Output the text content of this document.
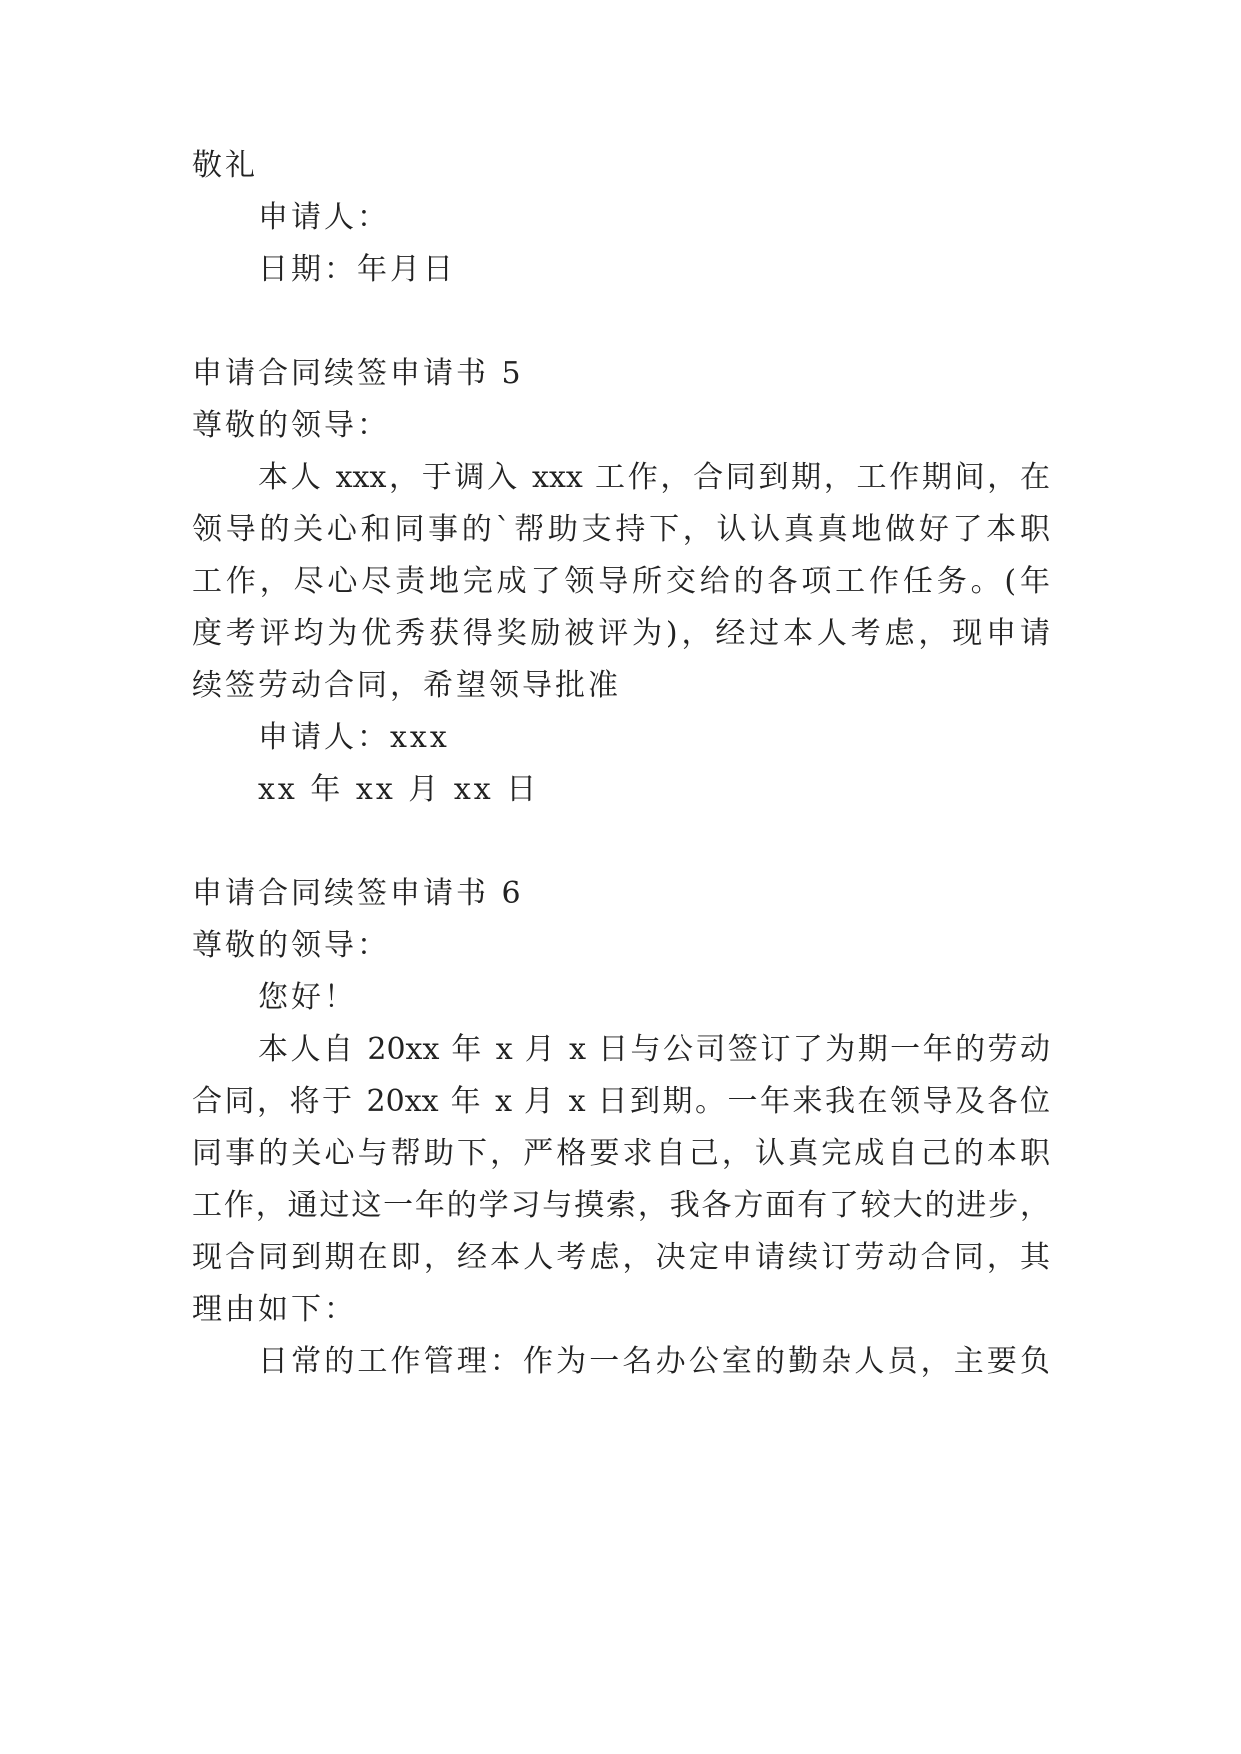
敬礼

申请人：

日期：年月日

申请合同续签申请书 5

尊敬的领导：

本人 xxx，于调入 xxx 工作，合同到期，工作期间，在

领导的关心和同事的`帮助支持下，认认真真地做好了本职

工作，尽心尽责地完成了领导所交给的各项工作任务。(年

度考评均为优秀获得奖励被评为)，经过本人考虑，现申请

续签劳动合同，希望领导批准

申请人：xxx

xx 年 xx 月 xx 日

申请合同续签申请书 6

尊敬的领导：

您好！

本人自 20xx 年 x 月 x 日与公司签订了为期一年的劳动

合同，将于 20xx 年 x 月 x 日到期。一年来我在领导及各位

同事的关心与帮助下，严格要求自己，认真完成自己的本职

工作，通过这一年的学习与摸索，我各方面有了较大的进步，

现合同到期在即，经本人考虑，决定申请续订劳动合同，其

理由如下：

日常的工作管理：作为一名办公室的勤杂人员，主要负
